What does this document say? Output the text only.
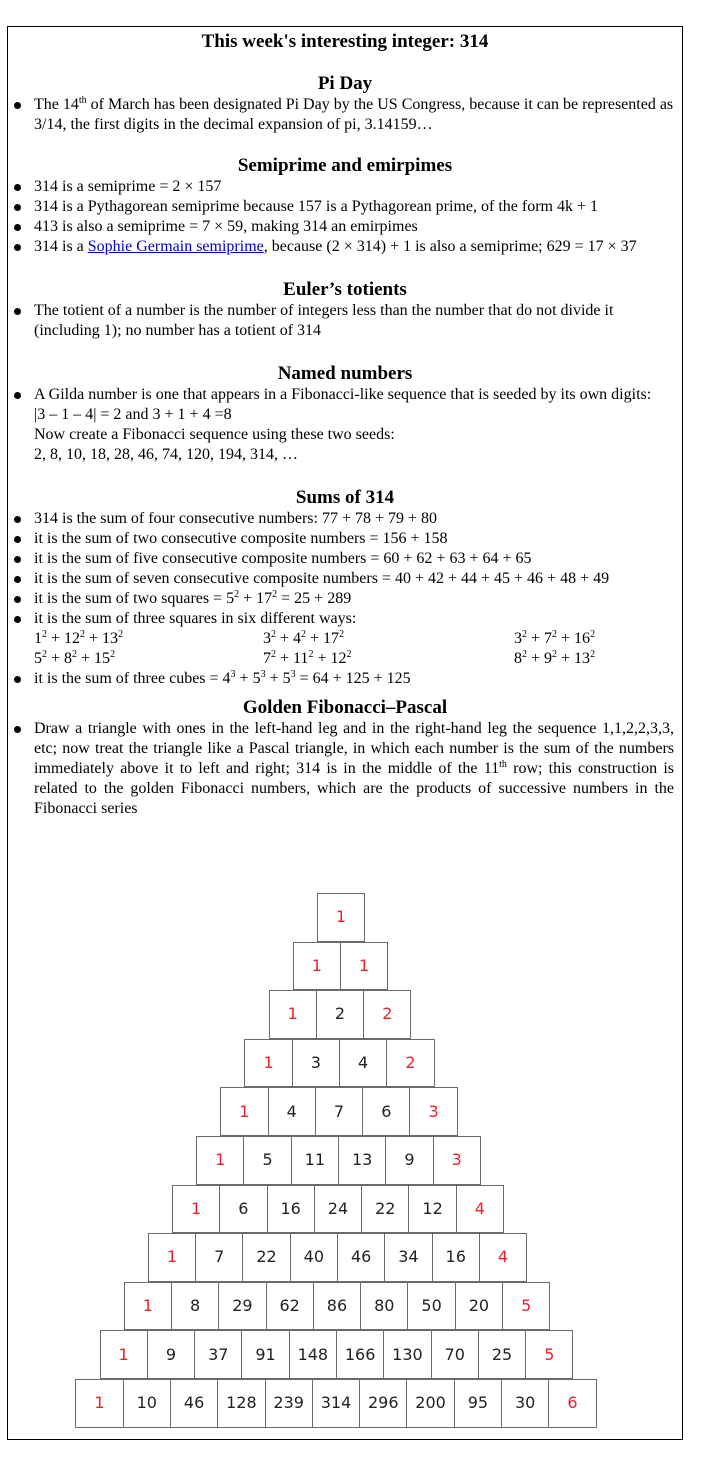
This week's interesting integer: 314
Pi Day
The 14th of March has been designated Pi Day by the US Congress, because it can be represented as 3/14, the first digits in the decimal expansion of pi, 3.14159…
Semiprime and emirpimes
314 is a semiprime = 2 × 157
314 is a Pythagorean semiprime because 157 is a Pythagorean prime, of the form 4k + 1
413 is also a semiprime = 7 × 59, making 314 an emirpimes
314 is a Sophie Germain semiprime, because (2 × 314) + 1 is also a semiprime; 629 = 17 × 37
Euler’s totients
The totient of a number is the number of integers less than the number that do not divide it (including 1); no number has a totient of 314
Named numbers
A Gilda number is one that appears in a Fibonacci-like sequence that is seeded by its own digits:
|3 – 1 – 4| = 2 and 3 + 1 + 4 =8
Now create a Fibonacci sequence using these two seeds:
2, 8, 10, 18, 28, 46, 74, 120, 194, 314, …
Sums of 314
314 is the sum of four consecutive numbers: 77 + 78 + 79 + 80
it is the sum of two consecutive composite numbers = 156 + 158
it is the sum of five consecutive composite numbers = 60 + 62 + 63 + 64 + 65
it is the sum of seven consecutive composite numbers = 40 + 42 + 44 + 45 + 46 + 48 + 49
it is the sum of two squares = $5^2 + 17^2 = 25 + 289$
it is the sum of three squares in six different ways:
$1^2 + 12^2 + 13^2$	$3^2 + 4^2 + 17^2$	$3^2 + 7^2 + 16^2$
$5^2 + 8^2 + 15^2$	$7^2 + 11^2 + 12^2$	$8^2 + 9^2 + 13^2$
it is the sum of three cubes = $4^3 + 5^3 + 5^3 = 64 + 125 + 125$
Golden Fibonacci–Pascal
Draw a triangle with ones in the left-hand leg and in the right-hand leg the sequence 1,1,2,2,3,3, etc; now treat the triangle like a Pascal triangle, in which each number is the sum of the numbers immediately above it to left and right; 314 is in the middle of the 11th row; this construction is related to the golden Fibonacci numbers, which are the products of successive numbers in the Fibonacci series
1
1	1
1	2	2
1	3	4	2
1	4	7	6	3
1	5	11	13	9	3
1	6	16	24	22	12	4
1	7	22	40	46	34	16	4
1	8	29	62	86	80	50	20	5
1	9	37	91	148	166	130	70	25	5
1	10	46	128	239	314	296	200	95	30	6
